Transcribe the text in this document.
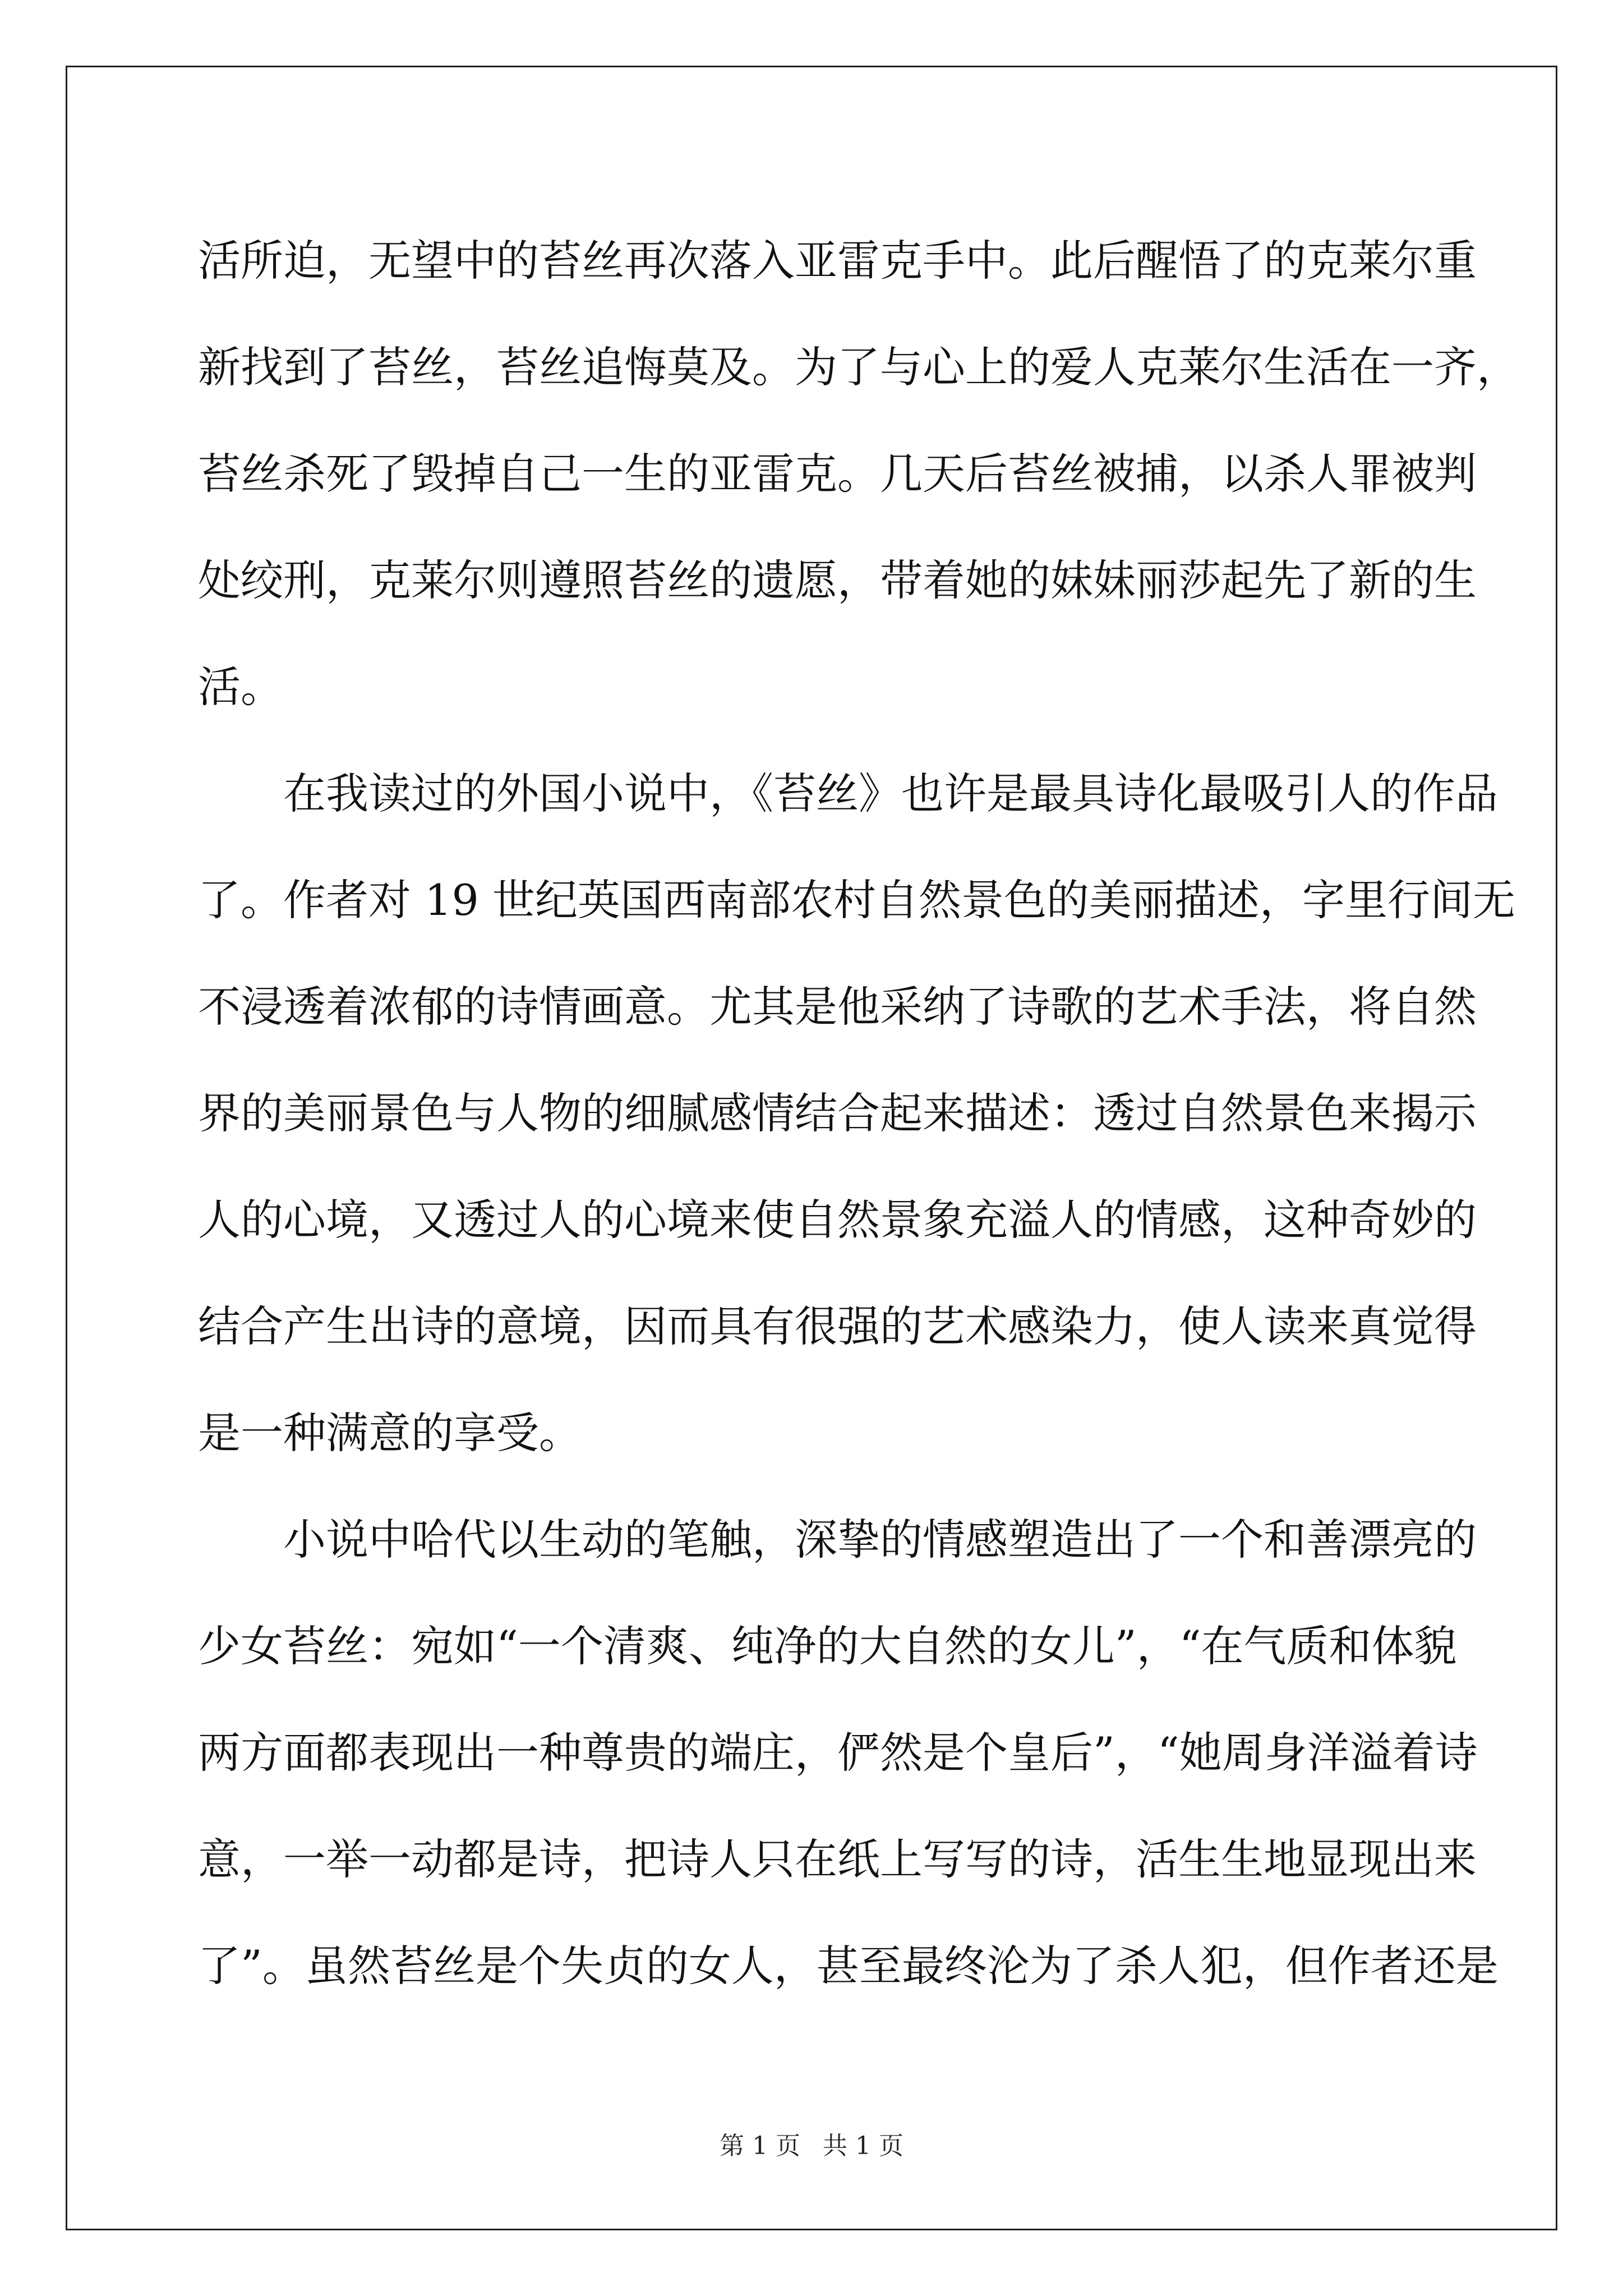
活所迫，无望中的苔丝再次落入亚雷克手中。此后醒悟了的克莱尔重
新找到了苔丝，苔丝追悔莫及。为了与心上的爱人克莱尔生活在一齐，
苔丝杀死了毁掉自己一生的亚雷克。几天后苔丝被捕，以杀人罪被判
处绞刑，克莱尔则遵照苔丝的遗愿，带着她的妹妹丽莎起先了新的生
活。
在我读过的外国小说中，《苔丝》也许是最具诗化最吸引人的作品
了。作者对 19 世纪英国西南部农村自然景色的美丽描述，字里行间无
不浸透着浓郁的诗情画意。尤其是他采纳了诗歌的艺术手法，将自然
界的美丽景色与人物的细腻感情结合起来描述：透过自然景色来揭示
人的心境，又透过人的心境来使自然景象充溢人的情感，这种奇妙的
结合产生出诗的意境，因而具有很强的艺术感染力，使人读来真觉得
是一种满意的享受。
小说中哈代以生动的笔触，深挚的情感塑造出了一个和善漂亮的
少女苔丝：宛如“一个清爽、纯净的大自然的女儿”，“在气质和体貌
两方面都表现出一种尊贵的端庄，俨然是个皇后”，“她周身洋溢着诗
意，一举一动都是诗，把诗人只在纸上写写的诗，活生生地显现出来
了”。虽然苔丝是个失贞的女人，甚至最终沦为了杀人犯，但作者还是
第 1 页 共 1 页
